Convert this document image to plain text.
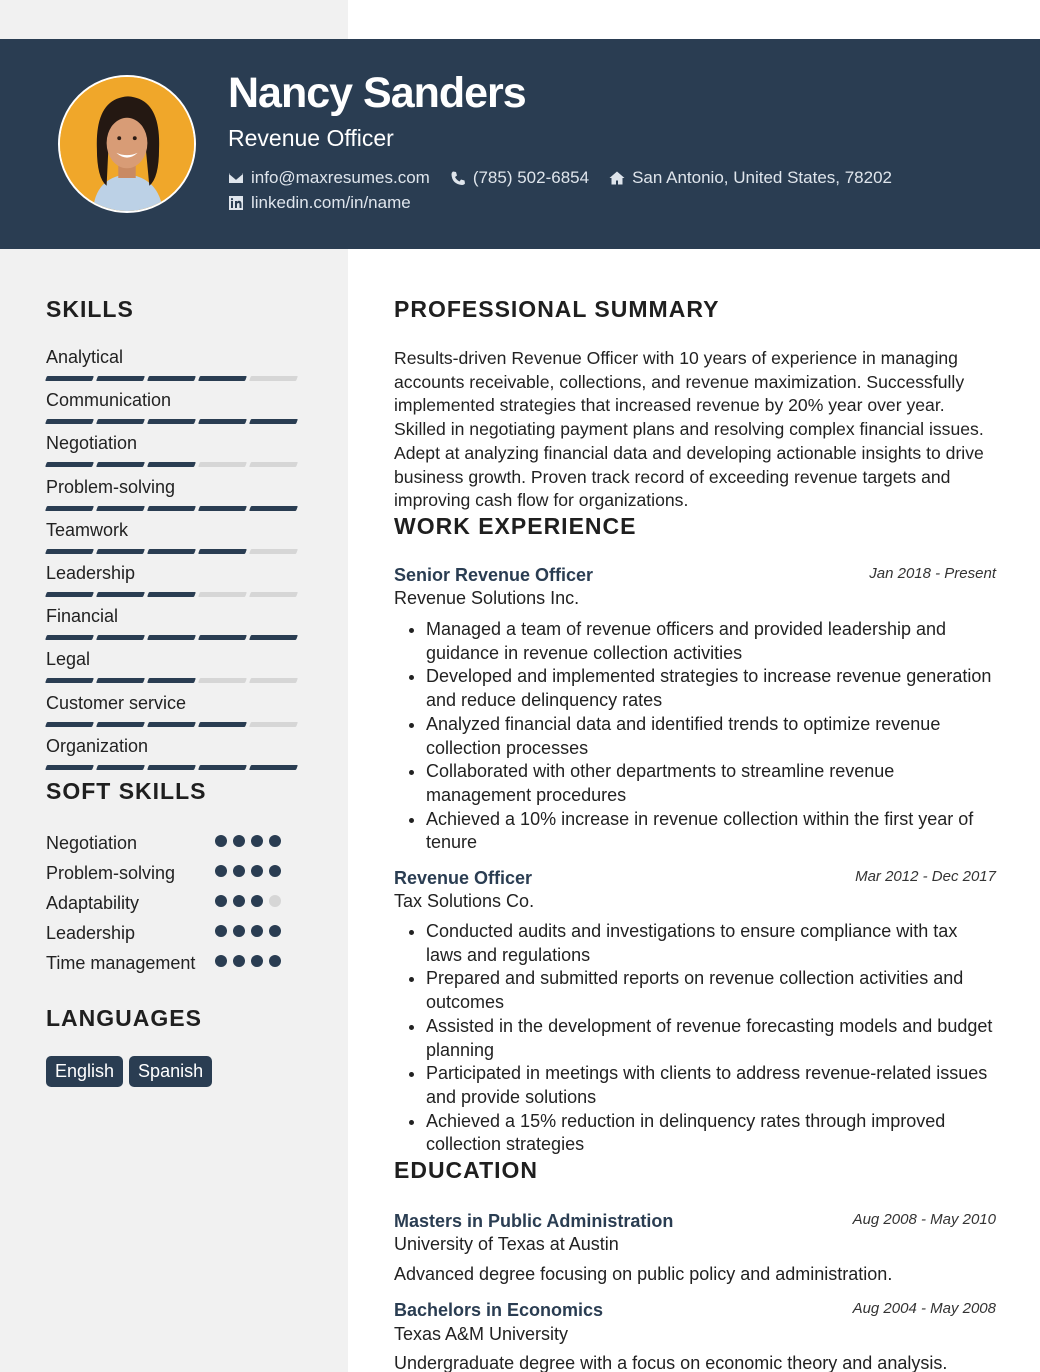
Nancy Sanders
Revenue Officer
info@maxresumes.com	(785) 502-6854	San Antonio, United States, 78202
linkedin.com/in/name
SKILLS
Analytical
Communication
Negotiation
Problem-solving
Teamwork
Leadership
Financial
Legal
Customer service
Organization
SOFT SKILLS
Negotiation
Problem-solving
Adaptability
Leadership
Time management
LANGUAGES
English	Spanish
PROFESSIONAL SUMMARY
Results-driven Revenue Officer with 10 years of experience in managing accounts receivable, collections, and revenue maximization. Successfully implemented strategies that increased revenue by 20% year over year. Skilled in negotiating payment plans and resolving complex financial issues. Adept at analyzing financial data and developing actionable insights to drive business growth. Proven track record of exceeding revenue targets and improving cash flow for organizations.
WORK EXPERIENCE
Senior Revenue Officer	Jan 2018 - Present
Revenue Solutions Inc.
Managed a team of revenue officers and provided leadership and guidance in revenue collection activities
Developed and implemented strategies to increase revenue generation and reduce delinquency rates
Analyzed financial data and identified trends to optimize revenue collection processes
Collaborated with other departments to streamline revenue management procedures
Achieved a 10% increase in revenue collection within the first year of tenure
Revenue Officer	Mar 2012 - Dec 2017
Tax Solutions Co.
Conducted audits and investigations to ensure compliance with tax laws and regulations
Prepared and submitted reports on revenue collection activities and outcomes
Assisted in the development of revenue forecasting models and budget planning
Participated in meetings with clients to address revenue-related issues and provide solutions
Achieved a 15% reduction in delinquency rates through improved collection strategies
EDUCATION
Masters in Public Administration	Aug 2008 - May 2010
University of Texas at Austin
Advanced degree focusing on public policy and administration.
Bachelors in Economics	Aug 2004 - May 2008
Texas A&M University
Undergraduate degree with a focus on economic theory and analysis.
